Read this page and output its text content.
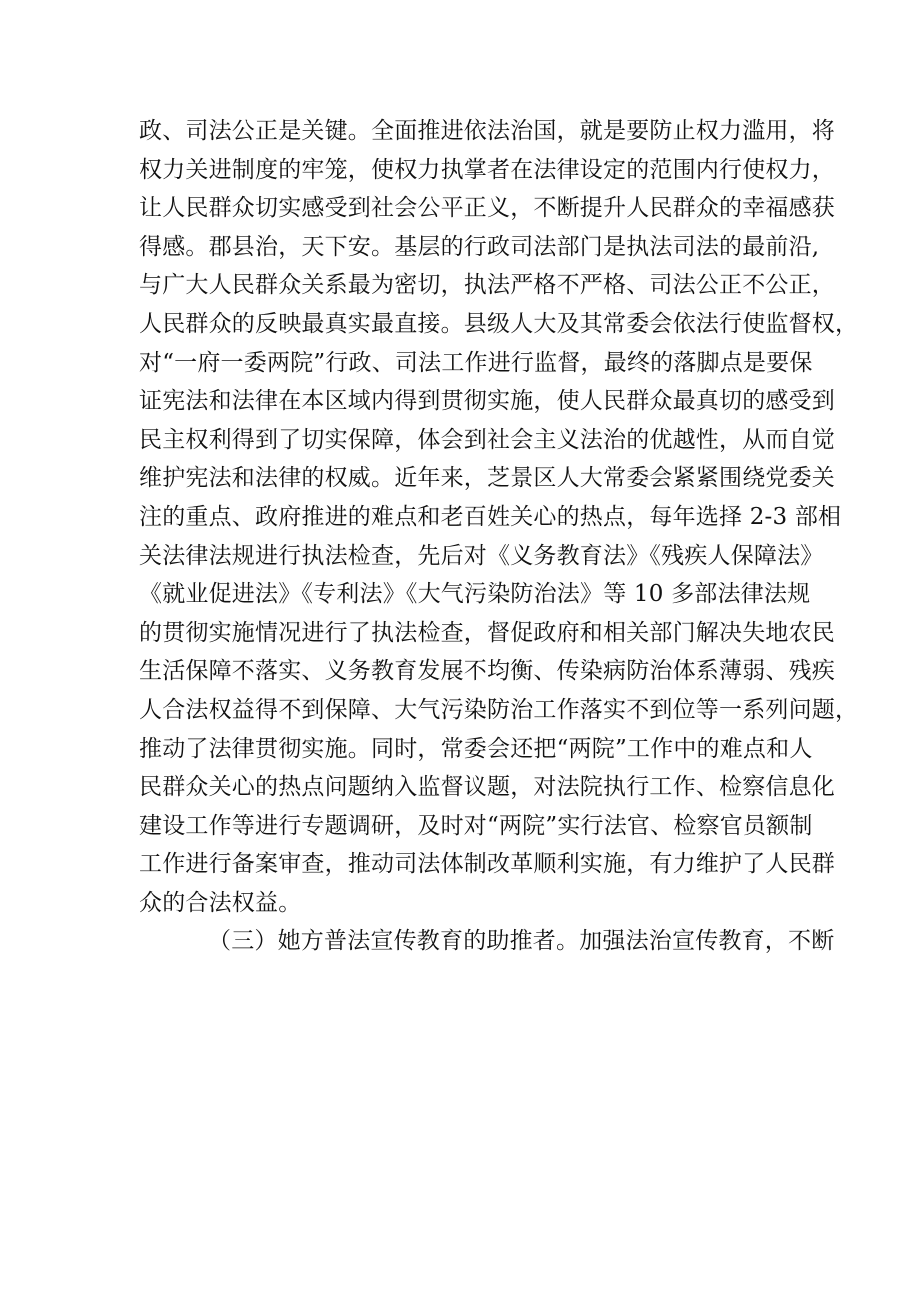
政、司法公正是关键。全面推进依法治国，就是要防止权力滥用，将
权力关进制度的牢笼，使权力执掌者在法律设定的范围内行使权力，
让人民群众切实感受到社会公平正义，不断提升人民群众的幸福感获
得感。郡县治，天下安。基层的行政司法部门是执法司法的最前沿,
与广大人民群众关系最为密切，执法严格不严格、司法公正不公正，
人民群众的反映最真实最直接。县级人大及其常委会依法行使监督权，
对“一府一委两院”行政、司法工作进行监督，最终的落脚点是要保
证宪法和法律在本区域内得到贯彻实施，使人民群众最真切的感受到
民主权利得到了切实保障，体会到社会主义法治的优越性，从而自觉
维护宪法和法律的权威。近年来，芝景区人大常委会紧紧围绕党委关
注的重点、政府推进的难点和老百姓关心的热点，每年选择 2-3 部相
关法律法规进行执法检查，先后对《义务教育法》《残疾人保障法》
《就业促进法》《专利法》《大气污染防治法》等 10 多部法律法规
的贯彻实施情况进行了执法检查，督促政府和相关部门解决失地农民
生活保障不落实、义务教育发展不均衡、传染病防治体系薄弱、残疾
人合法权益得不到保障、大气污染防治工作落实不到位等一系列问题，
推动了法律贯彻实施。同时，常委会还把“两院”工作中的难点和人
民群众关心的热点问题纳入监督议题，对法院执行工作、检察信息化
建设工作等进行专题调研，及时对“两院”实行法官、检察官员额制
工作进行备案审查，推动司法体制改革顺利实施，有力维护了人民群
众的合法权益。
（三）她方普法宣传教育的助推者。加强法治宣传教育，不断
